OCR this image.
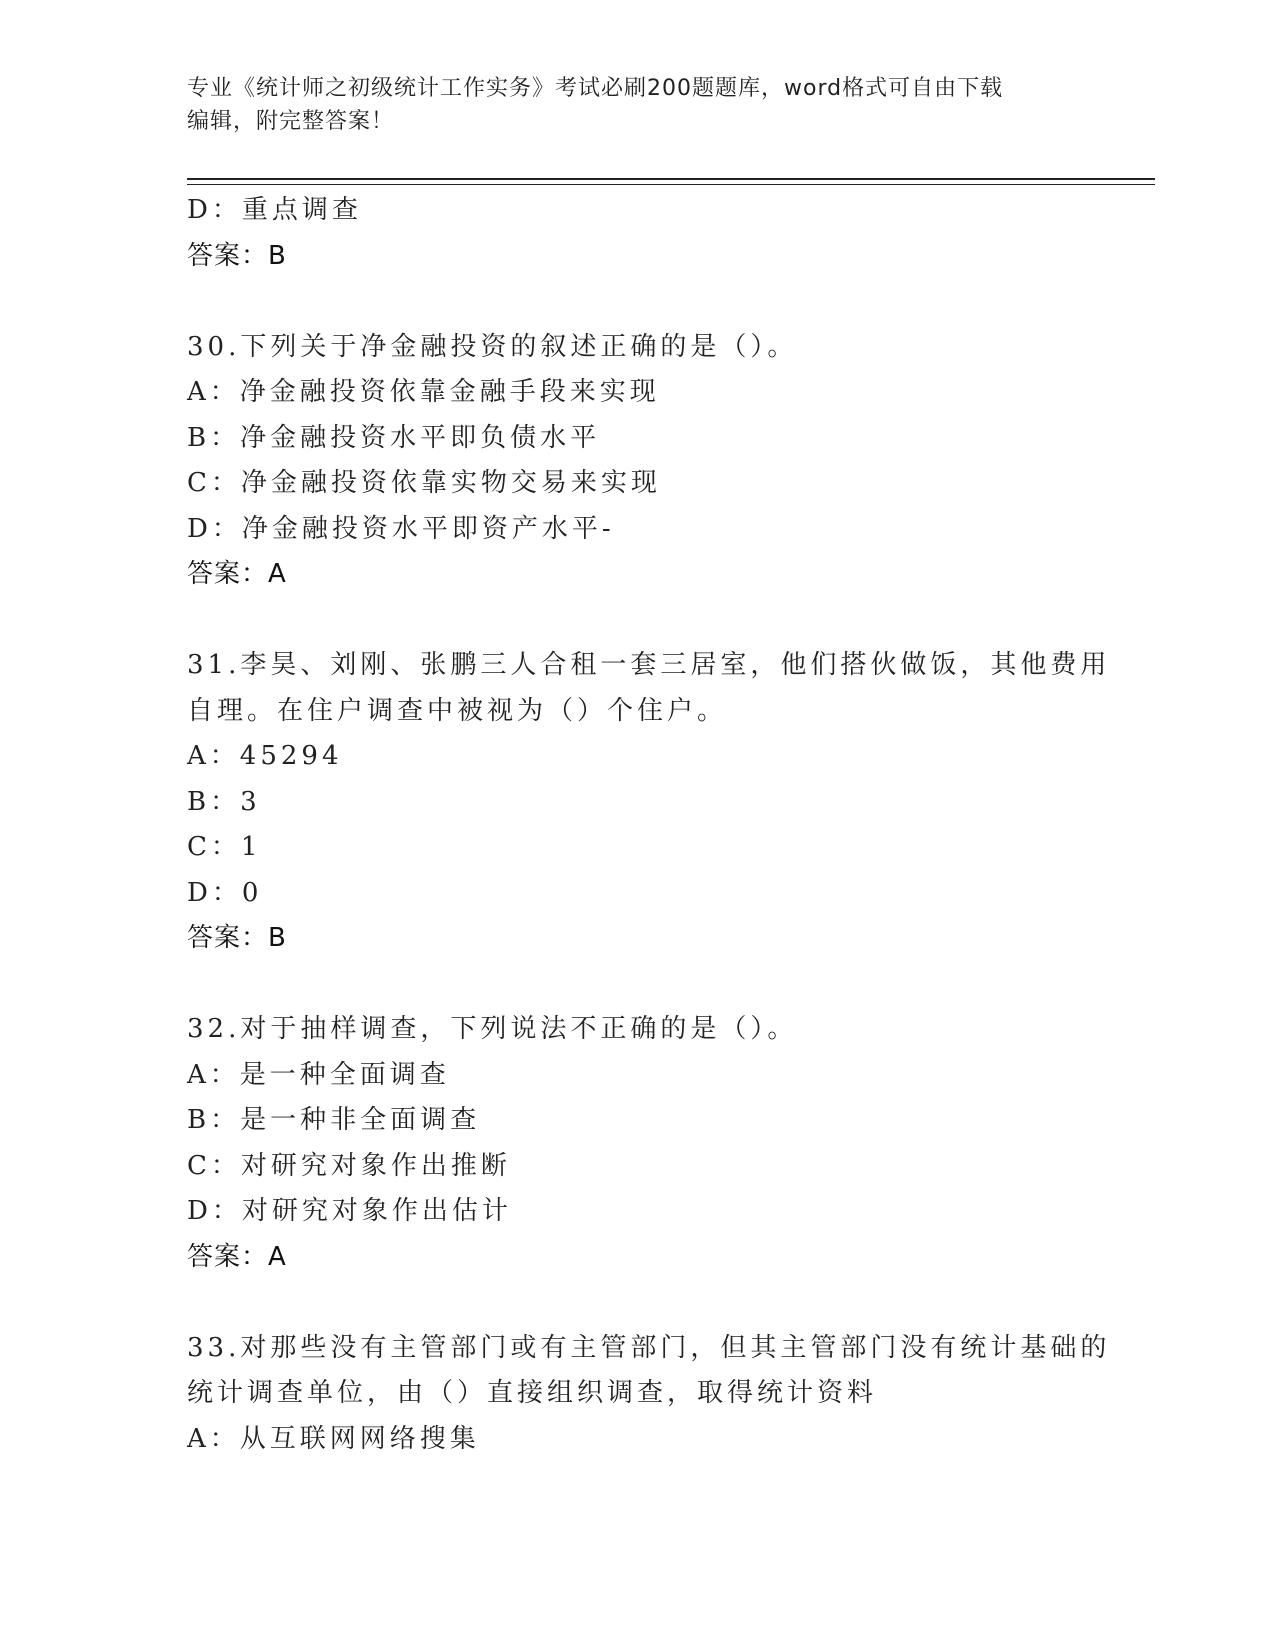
专业《统计师之初级统计工作实务》考试必刷200题题库，word格式可自由下载
编辑，附完整答案！
D：重点调查
答案：B
30.下列关于净金融投资的叙述正确的是（）。
A：净金融投资依靠金融手段来实现
B：净金融投资水平即负债水平
C：净金融投资依靠实物交易来实现
D：净金融投资水平即资产水平-
答案：A
31.李昊、刘刚、张鹏三人合租一套三居室，他们搭伙做饭，其他费用
自理。在住户调查中被视为（）个住户。
A：45294
B：3
C：1
D：0
答案：B
32.对于抽样调查，下列说法不正确的是（）。
A：是一种全面调查
B：是一种非全面调查
C：对研究对象作出推断
D：对研究对象作出估计
答案：A
33.对那些没有主管部门或有主管部门，但其主管部门没有统计基础的
统计调查单位，由（）直接组织调查，取得统计资料
A：从互联网网络搜集
